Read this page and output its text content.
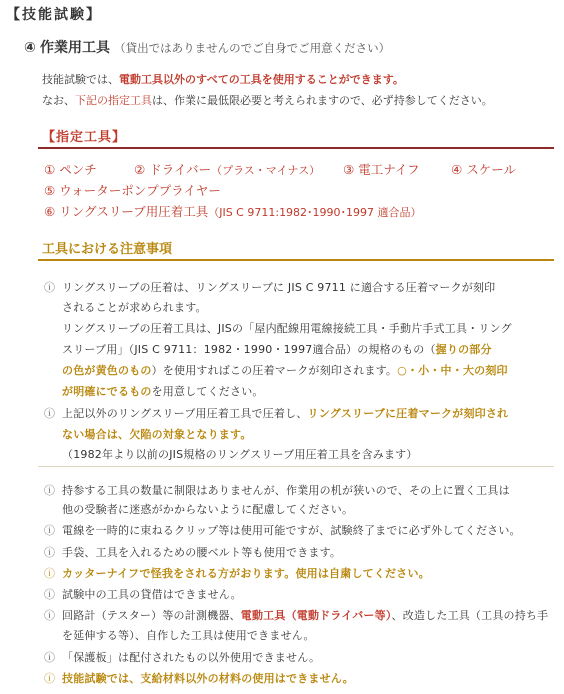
【技能試験】
④ 作業用工具 （貸出ではありませんのでご自身でご用意ください）
技能試験では、電動工具以外のすべての工具を使用することができます。
なお、下記の指定工具は、作業に最低限必要と考えられますので、必ず持参してください。
【指定工具】
① ペンチ	② ドライバー（プラス・マイナス） ③ 電工ナイフ	④ スケール
⑤ ウォーターポンププライヤー
⑥ リングスリーブ用圧着工具（JIS C 9711:1982･1990･1997 適合品）
工具における注意事項
ⓘ リングスリーブの圧着は、リングスリーブに JIS C 9711 に適合する圧着マークが刻印
されることが求められます。
リングスリーブの圧着工具は、JISの「屋内配線用電線接続工具・手動片手式工具・リング
スリーブ用」（JIS C 9711：1982・1990・1997適合品）の規格のもの（握りの部分
の色が黄色のもの）を使用すればこの圧着マークが刻印されます。○・小・中・大の刻印
が明確にでるものを用意してください。
ⓘ 上記以外のリングスリーブ用圧着工具で圧着し、リングスリーブに圧着マークが刻印され
ない場合は、欠陥の対象となります。
（1982年より以前のJIS規格のリングスリーブ用圧着工具を含みます）
ⓘ 持参する工具の数量に制限はありませんが、作業用の机が狭いので、その上に置く工具は
他の受験者に迷惑がかからないように配慮してください。
ⓘ 電線を一時的に束ねるクリップ等は使用可能ですが、試験終了までに必ず外してください。
ⓘ 手袋、工具を入れるための腰ベルト等も使用できます。
ⓘ カッターナイフで怪我をされる方がおります。使用は自粛してください。
ⓘ 試験中の工具の貸借はできません。
ⓘ 回路計（テスター）等の計測機器、電動工具（電動ドライバー等）、改造した工具（工具の持ち手
を延伸する等）、自作した工具は使用できません。
ⓘ 「保護板」は配付されたもの以外使用できません。
ⓘ 技能試験では、支給材料以外の材料の使用はできません。
